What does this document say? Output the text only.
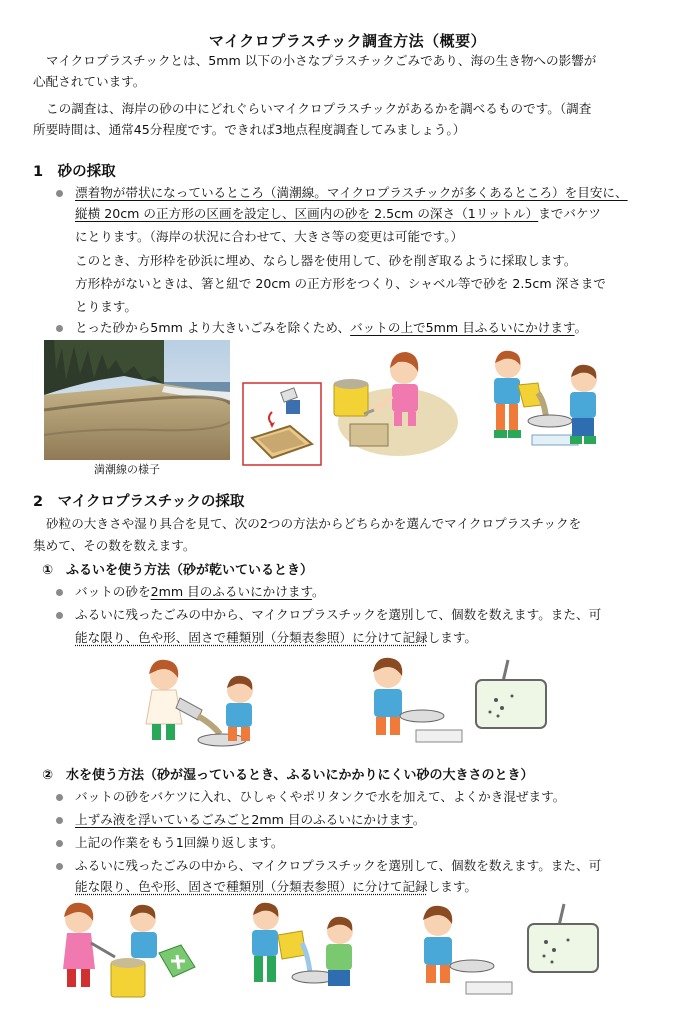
マイクロプラスチック調査方法（概要）
マイクロプラスチックとは、5mm 以下の小さなプラスチックごみであり、海の生き物への影響が
心配されています。
この調査は、海岸の砂の中にどれぐらいマイクロプラスチックがあるかを調べるものです。（調査
所要時間は、通常45分程度です。できれば3地点程度調査してみましょう。）
1　砂の採取
漂着物が帯状になっているところ（満潮線。マイクロプラスチックが多くあるところ）を目安に、
縦横 20cm の正方形の区画を設定し、区画内の砂を 2.5cm の深さ（1リットル）までバケツ
にとります。（海岸の状況に合わせて、大きさ等の変更は可能です。）
このとき、方形枠を砂浜に埋め、ならし器を使用して、砂を削ぎ取るように採取します。
方形枠がないときは、箸と紐で 20cm の正方形をつくり、シャベル等で砂を 2.5cm 深さまで
とります。
とった砂から5mm より大きいごみを除くため、バットの上で5mm 目ふるいにかけます。
満潮線の様子
2　マイクロプラスチックの採取
砂粒の大きさや湿り具合を見て、次の2つの方法からどちらかを選んでマイクロプラスチックを
集めて、その数を数えます。
①　ふるいを使う方法（砂が乾いているとき）
バットの砂を2mm 目のふるいにかけます。
ふるいに残ったごみの中から、マイクロプラスチックを選別して、個数を数えます。また、可
能な限り、色や形、固さで種類別（分類表参照）に分けて記録します。
②　水を使う方法（砂が湿っているとき、ふるいにかかりにくい砂の大きさのとき）
バットの砂をバケツに入れ、ひしゃくやポリタンクで水を加えて、よくかき混ぜます。
上ずみ液を浮いているごみごと2mm 目のふるいにかけます。
上記の作業をもう1回繰り返します。
ふるいに残ったごみの中から、マイクロプラスチックを選別して、個数を数えます。また、可
能な限り、色や形、固さで種類別（分類表参照）に分けて記録します。
